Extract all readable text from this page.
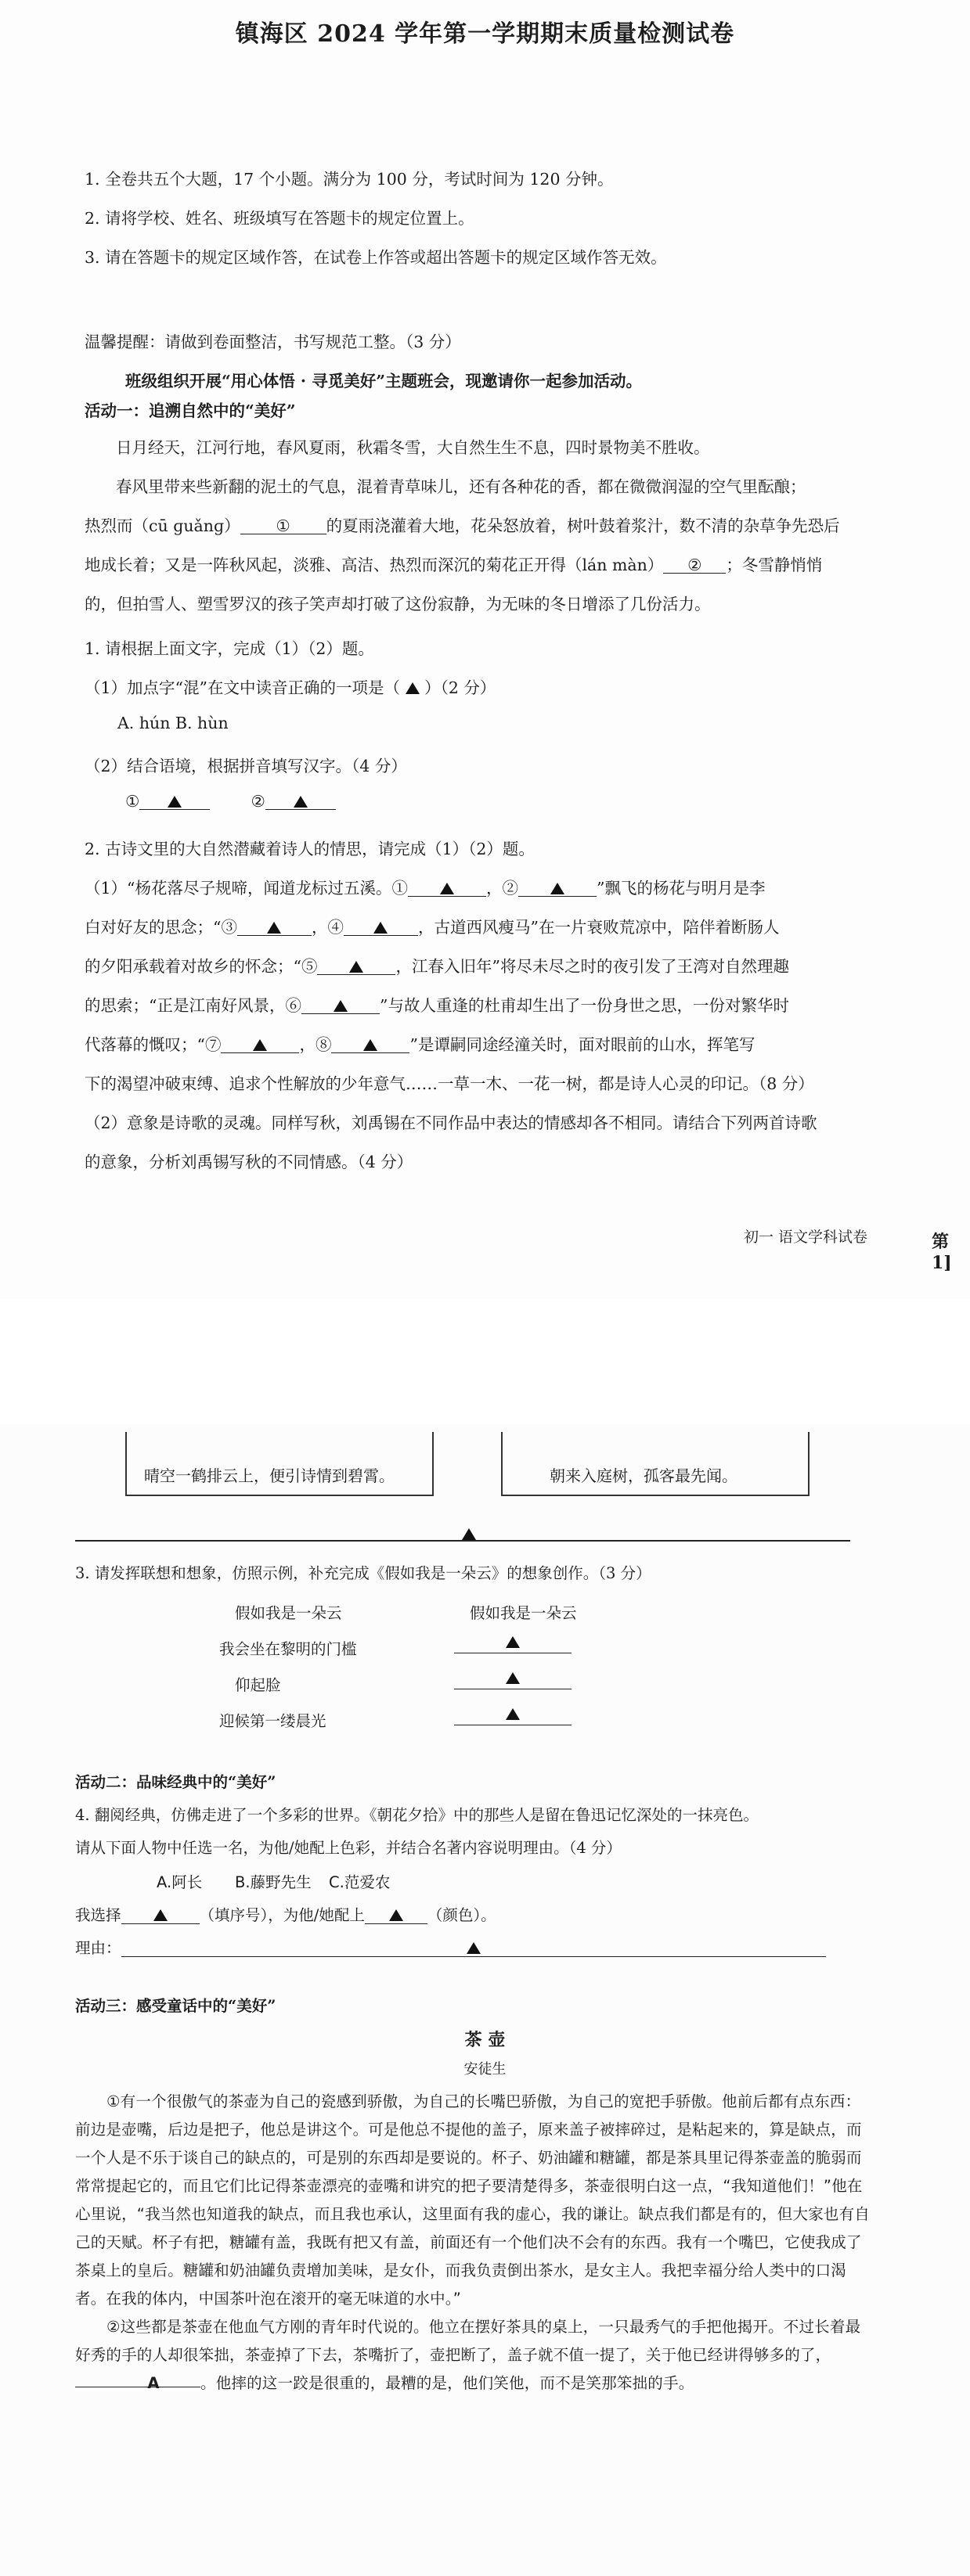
镇海区 2024 学年第一学期期末质量检测试卷
1. 全卷共五个大题，17 个小题。满分为 100 分，考试时间为 120 分钟。
2. 请将学校、姓名、班级填写在答题卡的规定位置上。
3. 请在答题卡的规定区域作答，在试卷上作答或超出答题卡的规定区域作答无效。
温馨提醒：请做到卷面整洁，书写规范工整。（3 分）
班级组织开展“用心体悟 · 寻觅美好”主题班会，现邀请你一起参加活动。
活动一：追溯自然中的“美好”
日月经天，江河行地，春风夏雨，秋霜冬雪，大自然生生不息，四时景物美不胜收。
春风里带来些新翻的泥土的气息，混着青草味儿，还有各种花的香，都在微微润湿的空气里酝酿；
热烈而（cū ɡuǎnɡ） ① 的夏雨浇灌着大地，花朵怒放着，树叶鼓着浆汁，数不清的杂草争先恐后
地成长着；又是一阵秋风起，淡雅、高洁、热烈而深沉的菊花正开得（lán màn） ② ；冬雪静悄悄
的，但拍雪人、塑雪罗汉的孩子笑声却打破了这份寂静，为无味的冬日增添了几份活力。
1. 请根据上面文字，完成（1）（2）题。
（1）加点字“混”在文中读音正确的一项是（ ）（2 分）
A. hún B. hùn
（2）结合语境，根据拼音填写汉字。（4 分）
①	②
2. 古诗文里的大自然潜藏着诗人的情思，请完成（1）（2）题。
（1）“杨花落尽子规啼，闻道龙标过五溪。①	，②	”飘飞的杨花与明月是李
白对好友的思念；“③	，④	，古道西风瘦马”在一片衰败荒凉中，陪伴着断肠人
的夕阳承载着对故乡的怀念；“⑤	，江春入旧年”将尽未尽之时的夜引发了王湾对自然理趣
的思索；“正是江南好风景，⑥	”与故人重逢的杜甫却生出了一份身世之思，一份对繁华时
代落幕的慨叹；“⑦	，⑧	”是谭嗣同途经潼关时，面对眼前的山水，挥笔写
下的渴望冲破束缚、追求个性解放的少年意气……一草一木、一花一树，都是诗人心灵的印记。（8 分）
（2）意象是诗歌的灵魂。同样写秋，刘禹锡在不同作品中表达的情感却各不相同。请结合下列两首诗歌
的意象，分析刘禹锡写秋的不同情感。（4 分）
初一 语文学科试卷	第 1]
晴空一鹤排云上，便引诗情到碧霄。	朝来入庭树，孤客最先闻。
3. 请发挥联想和想象，仿照示例，补充完成《假如我是一朵云》的想象创作。（3 分）
假如我是一朵云	假如我是一朵云
我会坐在黎明的门槛
仰起脸
迎候第一缕晨光
活动二：品味经典中的“美好”
4. 翻阅经典，仿佛走进了一个多彩的世界。《朝花夕拾》中的那些人是留在鲁迅记忆深处的一抹亮色。
请从下面人物中任选一名，为他/她配上色彩，并结合名著内容说明理由。（4 分）
A.阿长 B.藤野先生 C.范爱农
我选择	（填序号），为他/她配上	（颜色）。
理由：
活动三：感受童话中的“美好”
茶 壶
安徒生

①有一个很傲气的茶壶为自己的瓷感到骄傲，为自己的长嘴巴骄傲，为自己的宽把手骄傲。他前后都有点东西：前边是壶嘴，后边是把子，他总是讲这个。可是他总不提他的盖子，原来盖子被摔碎过，是粘起来的，算是缺点，而一个人是不乐于谈自己的缺点的，可是别的东西却是要说的。杯子、奶油罐和糖罐，都是茶具里记得茶壶盖的脆弱而常常提起它的，而且它们比记得茶壶漂亮的壶嘴和讲究的把子要清楚得多，茶壶很明白这一点，“我知道他们！”他在心里说，“我当然也知道我的缺点，而且我也承认，这里面有我的虚心，我的谦让。缺点我们都是有的，但大家也有自己的天赋。杯子有把，糖罐有盖，我既有把又有盖，前面还有一个他们决不会有的东西。我有一个嘴巴，它使我成了茶桌上的皇后。糖罐和奶油罐负责增加美味，是女仆，而我负责倒出茶水，是女主人。我把幸福分给人类中的口渴者。在我的体内，中国茶叶泡在滚开的毫无味道的水中。”

②这些都是茶壶在他血气方刚的青年时代说的。他立在摆好茶具的桌上，一只最秀气的手把他揭开。不过长着最好秀的手的人却很笨拙，茶壶掉了下去，茶嘴折了，壶把断了，盖子就不值一提了，关于他已经讲得够多的了，A	。他摔的这一跤是很重的，最糟的是，他们笑他，而不是笑那笨拙的手。
